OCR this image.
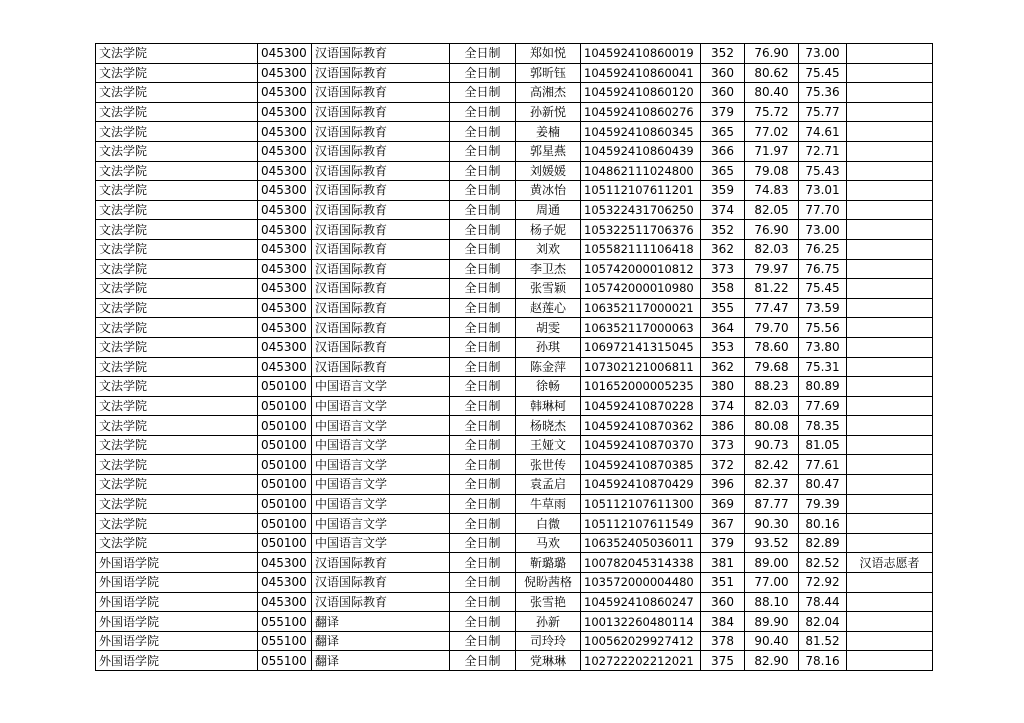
文法学院	045300	汉语国际教育	全日制	郑如悦	104592410860019	352	76.90	73.00	
文法学院	045300	汉语国际教育	全日制	郭昕钰	104592410860041	360	80.62	75.45	
文法学院	045300	汉语国际教育	全日制	高湘杰	104592410860120	360	80.40	75.36	
文法学院	045300	汉语国际教育	全日制	孙新悦	104592410860276	379	75.72	75.77	
文法学院	045300	汉语国际教育	全日制	姜楠	104592410860345	365	77.02	74.61	
文法学院	045300	汉语国际教育	全日制	郭星燕	104592410860439	366	71.97	72.71	
文法学院	045300	汉语国际教育	全日制	刘媛媛	104862111024800	365	79.08	75.43	
文法学院	045300	汉语国际教育	全日制	黄冰怡	105112107611201	359	74.83	73.01	
文法学院	045300	汉语国际教育	全日制	周通	105322431706250	374	82.05	77.70	
文法学院	045300	汉语国际教育	全日制	杨子妮	105322511706376	352	76.90	73.00	
文法学院	045300	汉语国际教育	全日制	刘欢	105582111106418	362	82.03	76.25	
文法学院	045300	汉语国际教育	全日制	李卫杰	105742000010812	373	79.97	76.75	
文法学院	045300	汉语国际教育	全日制	张雪颖	105742000010980	358	81.22	75.45	
文法学院	045300	汉语国际教育	全日制	赵莲心	106352117000021	355	77.47	73.59	
文法学院	045300	汉语国际教育	全日制	胡雯	106352117000063	364	79.70	75.56	
文法学院	045300	汉语国际教育	全日制	孙琪	106972141315045	353	78.60	73.80	
文法学院	045300	汉语国际教育	全日制	陈金萍	107302121006811	362	79.68	75.31	
文法学院	050100	中国语言文学	全日制	徐畅	101652000005235	380	88.23	80.89	
文法学院	050100	中国语言文学	全日制	韩琳柯	104592410870228	374	82.03	77.69	
文法学院	050100	中国语言文学	全日制	杨晓杰	104592410870362	386	80.08	78.35	
文法学院	050100	中国语言文学	全日制	王娅文	104592410870370	373	90.73	81.05	
文法学院	050100	中国语言文学	全日制	张世传	104592410870385	372	82.42	77.61	
文法学院	050100	中国语言文学	全日制	袁孟启	104592410870429	396	82.37	80.47	
文法学院	050100	中国语言文学	全日制	牛草雨	105112107611300	369	87.77	79.39	
文法学院	050100	中国语言文学	全日制	白微	105112107611549	367	90.30	80.16	
文法学院	050100	中国语言文学	全日制	马欢	106352405036011	379	93.52	82.89	
外国语学院	045300	汉语国际教育	全日制	靳璐璐	100782045314338	381	89.00	82.52	汉语志愿者
外国语学院	045300	汉语国际教育	全日制	倪盼茜格	103572000004480	351	77.00	72.92	
外国语学院	045300	汉语国际教育	全日制	张雪艳	104592410860247	360	88.10	78.44	
外国语学院	055100	翻译	全日制	孙新	100132260480114	384	89.90	82.04	
外国语学院	055100	翻译	全日制	司玲玲	100562029927412	378	90.40	81.52	
外国语学院	055100	翻译	全日制	党琳琳	102722202212021	375	82.90	78.16	
